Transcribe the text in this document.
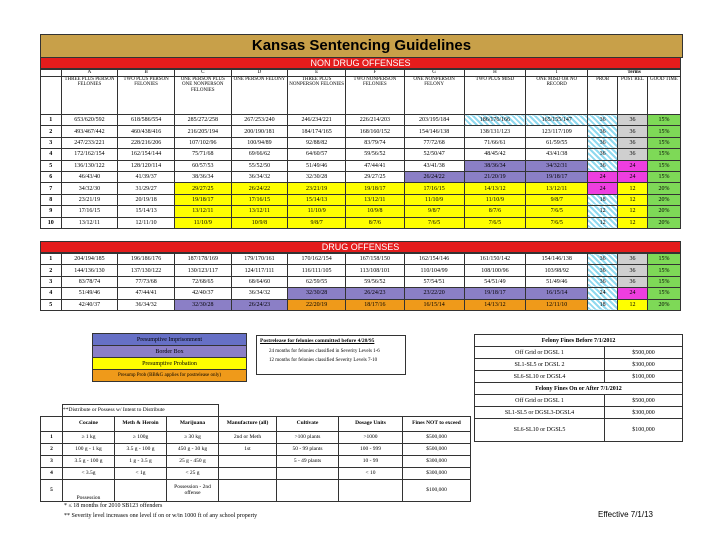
Kansas Sentencing Guidelines
NON DRUG OFFENSES
	A	B	C	D	E	F	G	H	I	Terms		
	THREE PLUS PERSON FELONIES	TWO PLUS PERSON FELONIES	ONE PERSON PLUS ONE NONPERSON FELONIES	ONE PERSON FELONY	THREE PLUS NONPERSON FELONIES	TWO NONPERSON FELONIES	ONE NONPERSON FELONY	TWO PLUS MISD	ONE MISD OR NO RECORD	PROB	POST REL	GOOD TIME
1	653/620/592	618/586/554	285/272/258	267/253/240	246/234/221	226/214/203	203/195/184	186/176/166	165/155/147	36	36	15%
2	493/467/442	460/438/416	216/205/194	200/190/181	184/174/165	168/160/152	154/146/138	138/131/123	123/117/109	36	36	15%
3	247/233/221	228/216/206	107/102/96	100/94/89	92/88/82	83/79/74	77/72/68	71/66/61	61/59/55	36	36	15%
4	172/162/154	162/154/144	75/71/68	69/66/62	64/60/57	59/56/52	52/50/47	48/45/42	43/41/38	36	36	15%
5	136/130/122	128/120/114	60/57/53	55/52/50	51/49/46	47/44/41	43/41/38	38/36/34	34/32/31	36	24	15%
6	46/43/40	41/39/37	38/36/34	36/34/32	32/30/28	29/27/25	26/24/22	21/20/19	19/18/17	24	24	15%
7	34/32/30	31/29/27	29/27/25	26/24/22	23/21/19	19/18/17	17/16/15	14/13/12	13/12/11	24	12	20%
8	23/21/19	20/19/18	19/18/17	17/16/15	15/14/13	13/12/11	11/10/9	11/10/9	9/8/7	18	12	20%
9	17/16/15	15/14/13	13/12/11	13/12/11	11/10/9	10/9/8	9/8/7	8/7/6	7/6/5	12	12	20%
10	13/12/11	12/11/10	11/10/9	10/9/8	9/8/7	8/7/6	7/6/5	7/6/5	7/6/5	12	12	20%
DRUG OFFENSES
1	204/194/185	196/186/176	187/178/169	179/170/161	170/162/154	167/158/150	162/154/146	161/150/142	154/146/138	36	36	15%
2	144/136/130	137/130/122	130/123/117	124/117/111	116/111/105	113/108/101	110/104/99	108/100/96	103/98/92	36	36	15%
3	83/78/74	77/73/68	72/68/65	68/64/60	62/59/55	59/56/52	57/54/51	54/51/49	51/49/46	36	36	15%
4	51/49/46	47/44/41	42/40/37	36/34/32	32/30/28	26/24/23	23/22/20	19/18/17	16/15/14	24	24	15%
5	42/40/37	36/34/32	32/30/28	26/24/23	22/20/19	18/17/16	16/15/14	14/13/12	12/11/10	18	12	20%
Presumptive Imprisonment
Border Box
Presumptive Probation
Presump Prob (BB&G applies for postrelease only)
Postrelease for felonies committed before 4/20/95
24 months for felonies classified in Severity Levels 1-6
12 months for felonies classified Severity Levels 7-10
Felony Fines Before 7/1/2012	
Off Grid or DGSL 1	$500,000
SL1-SL5 or DGSL 2	$300,000
SL6-SL10 or DGSL4	$100,000
Felony Fines On or After 7/1/2012	
Off Grid or DGSL 1	$500,000
SL1-SL5 or DGSL3-DGSL4	$300,000
SL6-SL10 or DGSL5	$100,000
	**Distribute or Possess w/ Intent to Distribute						
	Cocaine	Meth & Heroin	Marijuana	Manufacture (all)	Cultivate	Dosage Units	Fines NOT to exceed
1	≥ 1 kg	≥ 100g	≥ 30 kg	2nd or Meth	>100 plants	>1000	$500,000
2	100 g - 1 kg	3.5 g - 100 g	450 g - 30 kg	1st	50 - 99 plants	100 - 999	$500,000
3	3.5 g - 100 g	1 g - 3.5 g	25 g - 450 g		5 - 49 plants	10 - 99	$300,000
4	< 3.5g	< 1g	< 25 g			< 10	$300,000
5	Possession		Possession - 2nd offense				$100,000
* ≤ 18 months for 2010 SB123 offenders
** Severity level increases one level if on or w/in 1000 ft of any school property	Effective 7/1/13
